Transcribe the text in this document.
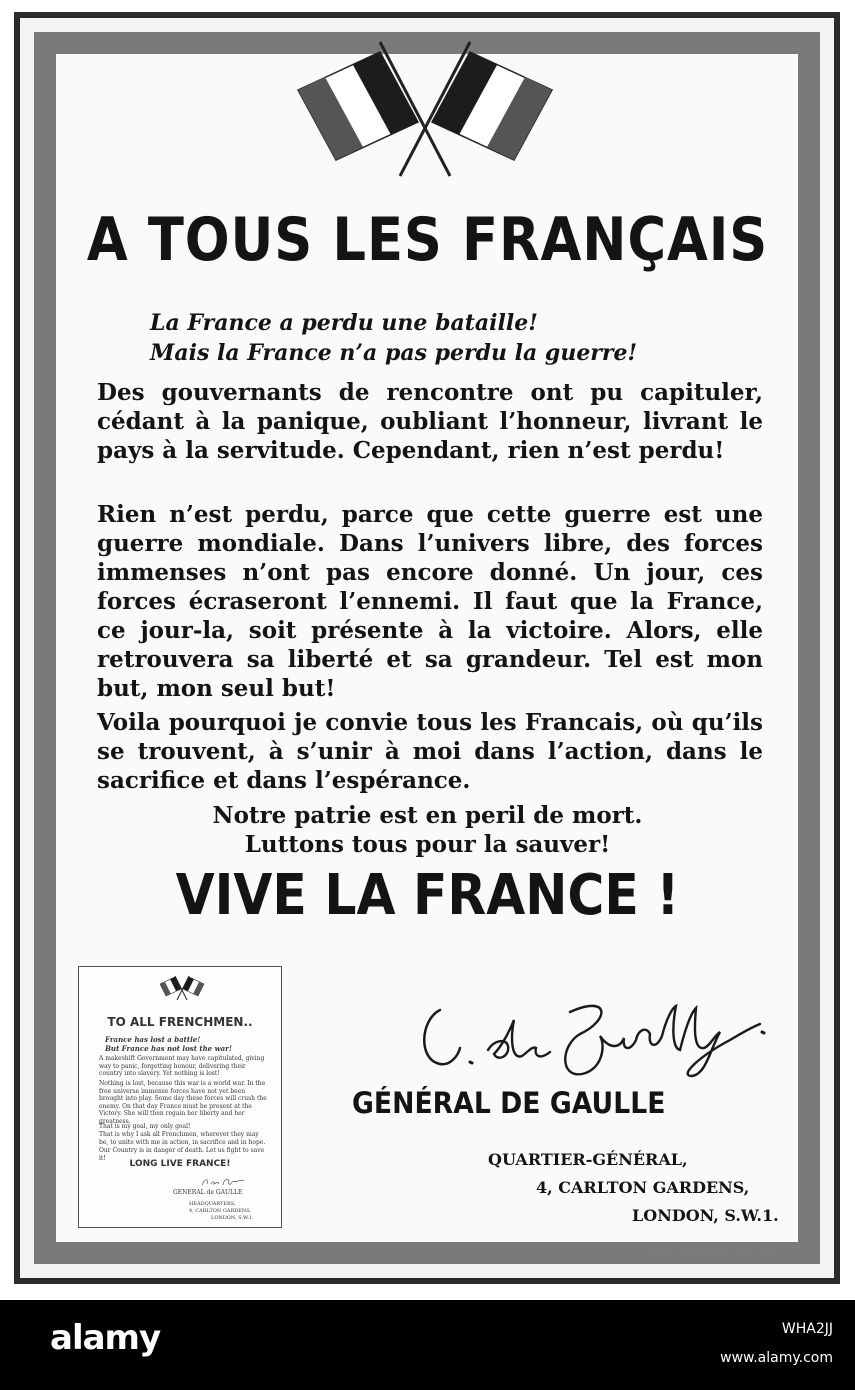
A TOUS LES FRANÇAIS

La France a perdu une bataille!

Mais la France n’a pas perdu la guerre!

Des gouvernants de rencontre ont pu capituler, cédant à la panique, oubliant l’honneur, livrant le pays à la servitude. Cependant, rien n’est perdu!

Rien n’est perdu, parce que cette guerre est une guerre mondiale. Dans l’univers libre, des forces immenses n’ont pas encore donné. Un jour, ces forces écraseront l’ennemi. Il faut que la France, ce jour-la, soit présente à la victoire. Alors, elle retrouvera sa liberté et sa grandeur. Tel est mon but, mon seul but!

Voila pourquoi je convie tous les Francais, où qu’ils se trouvent, à s’unir à moi dans l’action, dans le sacrifice et dans l’espérance.

Notre patrie est en peril de mort.

Luttons tous pour la sauver!

VIVE LA FRANCE !

TO ALL FRENCHMEN..

France has lost a battle!

But France has not lost the war!

A makeshift Government may have capitulated, giving way to panic, forgetting honour, delivering their country into slavery. Yet nothing is lost!

Nothing is lost, because this war is a world war. In the free universe immense forces have not yet been brought into play. Some day these forces will crush the enemy. On that day France must be present at the Victory. She will then regain her liberty and her greatness.

That is my goal, my only goal!

That is why I ask all Frenchmen, wherever they may be, to unite with me in action, in sacrifice and in hope.

Our Country is in danger of death. Let us fight to save it!

LONG LIVE FRANCE!

GENERAL de GAULLE

HEADQUARTERS,

4, CARLTON GARDENS,

LONDON, S.W.1.

GÉNÉRAL DE GAULLE

QUARTIER-GÉNÉRAL,

4, CARLTON GARDENS,

LONDON, S.W.1.

PRINTED FOR GENERAL DE GAULLE BY J. WEINER LTD. LONDON W.C.1

alamy	WHA2JJ

www.alamy.com
